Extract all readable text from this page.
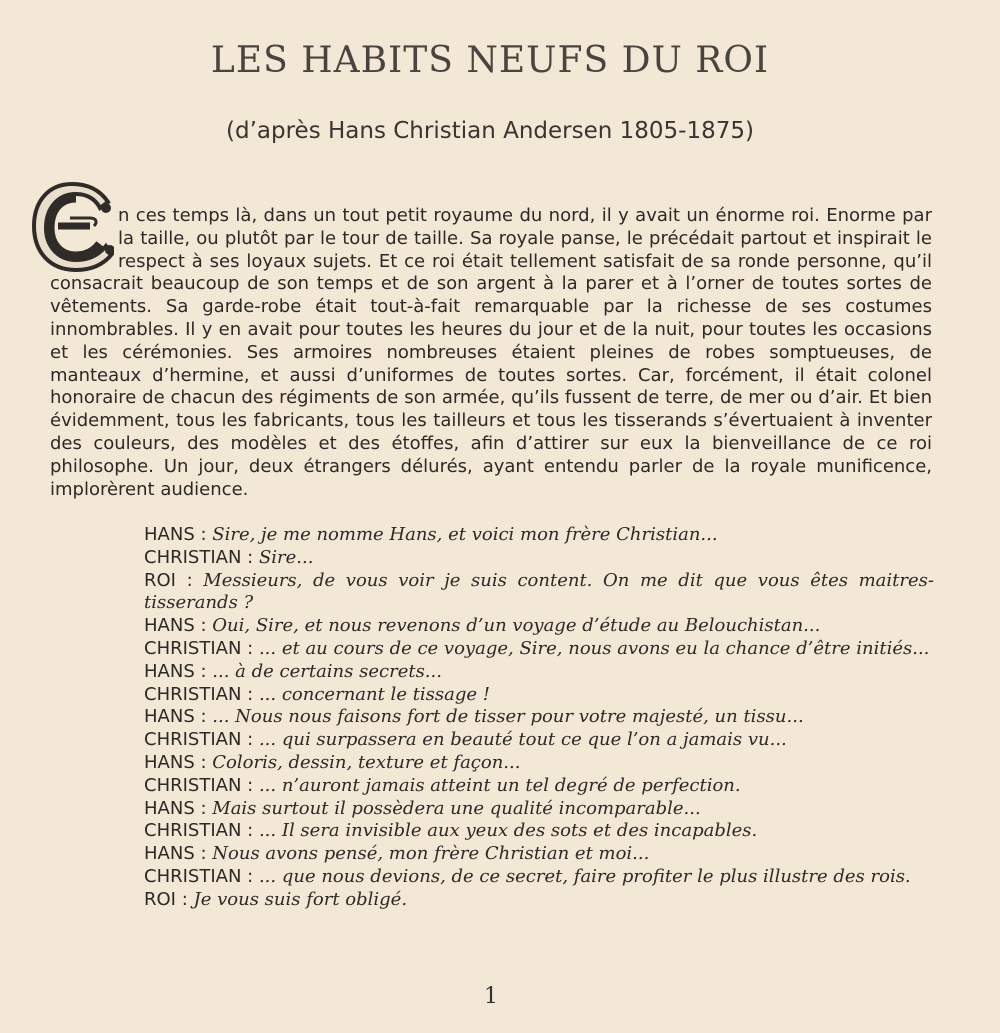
LES HABITS NEUFS DU ROI
(d’après Hans Christian Andersen 1805-1875)
n ces temps là, dans un tout petit royaume du nord, il y avait un énorme roi. Enorme par la taille, ou plutôt par le tour de taille. Sa royale panse, le précédait partout et inspirait le respect à ses loyaux sujets. Et ce roi était tellement satisfait de sa ronde personne, qu’il consacrait beaucoup de son temps et de son argent à la parer et à l’orner de toutes sortes de vêtements. Sa garde-robe était tout-à-fait remarquable par la richesse de ses costumes innombrables. Il y en avait pour toutes les heures du jour et de la nuit, pour toutes les occasions et les cérémonies. Ses armoires nombreuses étaient pleines de robes somptueuses, de manteaux d’hermine, et aussi d’uniformes de toutes sortes. Car, forcément, il était colonel honoraire de chacun des régiments de son armée, qu’ils fussent de terre, de mer ou d’air. Et bien évidemment, tous les fabricants, tous les tailleurs et tous les tisserands s’évertuaient à inventer des couleurs, des modèles et des étoffes, afin d’attirer sur eux la bienveillance de ce roi philosophe. Un jour, deux étrangers délurés, ayant entendu parler de la royale munificence, implorèrent audience.

HANS : Sire, je me nomme Hans, et voici mon frère Christian...

CHRISTIAN : Sire...

ROI : Messieurs, de vous voir je suis content. On me dit que vous êtes maitres-tisserands ?

HANS : Oui, Sire, et nous revenons d’un voyage d’étude au Belouchistan...

CHRISTIAN : ... et au cours de ce voyage, Sire, nous avons eu la chance d’être initiés...

HANS : ... à de certains secrets...

CHRISTIAN : ... concernant le tissage !

HANS : ... Nous nous faisons fort de tisser pour votre majesté, un tissu...

CHRISTIAN : ... qui surpassera en beauté tout ce que l’on a jamais vu...

HANS : Coloris, dessin, texture et façon...

CHRISTIAN : ... n’auront jamais atteint un tel degré de perfection.

HANS : Mais surtout il possèdera une qualité incomparable...

CHRISTIAN : ... Il sera invisible aux yeux des sots et des incapables.

HANS : Nous avons pensé, mon frère Christian et moi...

CHRISTIAN : ... que nous devions, de ce secret, faire profiter le plus illustre des rois.

ROI : Je vous suis fort obligé.

1
